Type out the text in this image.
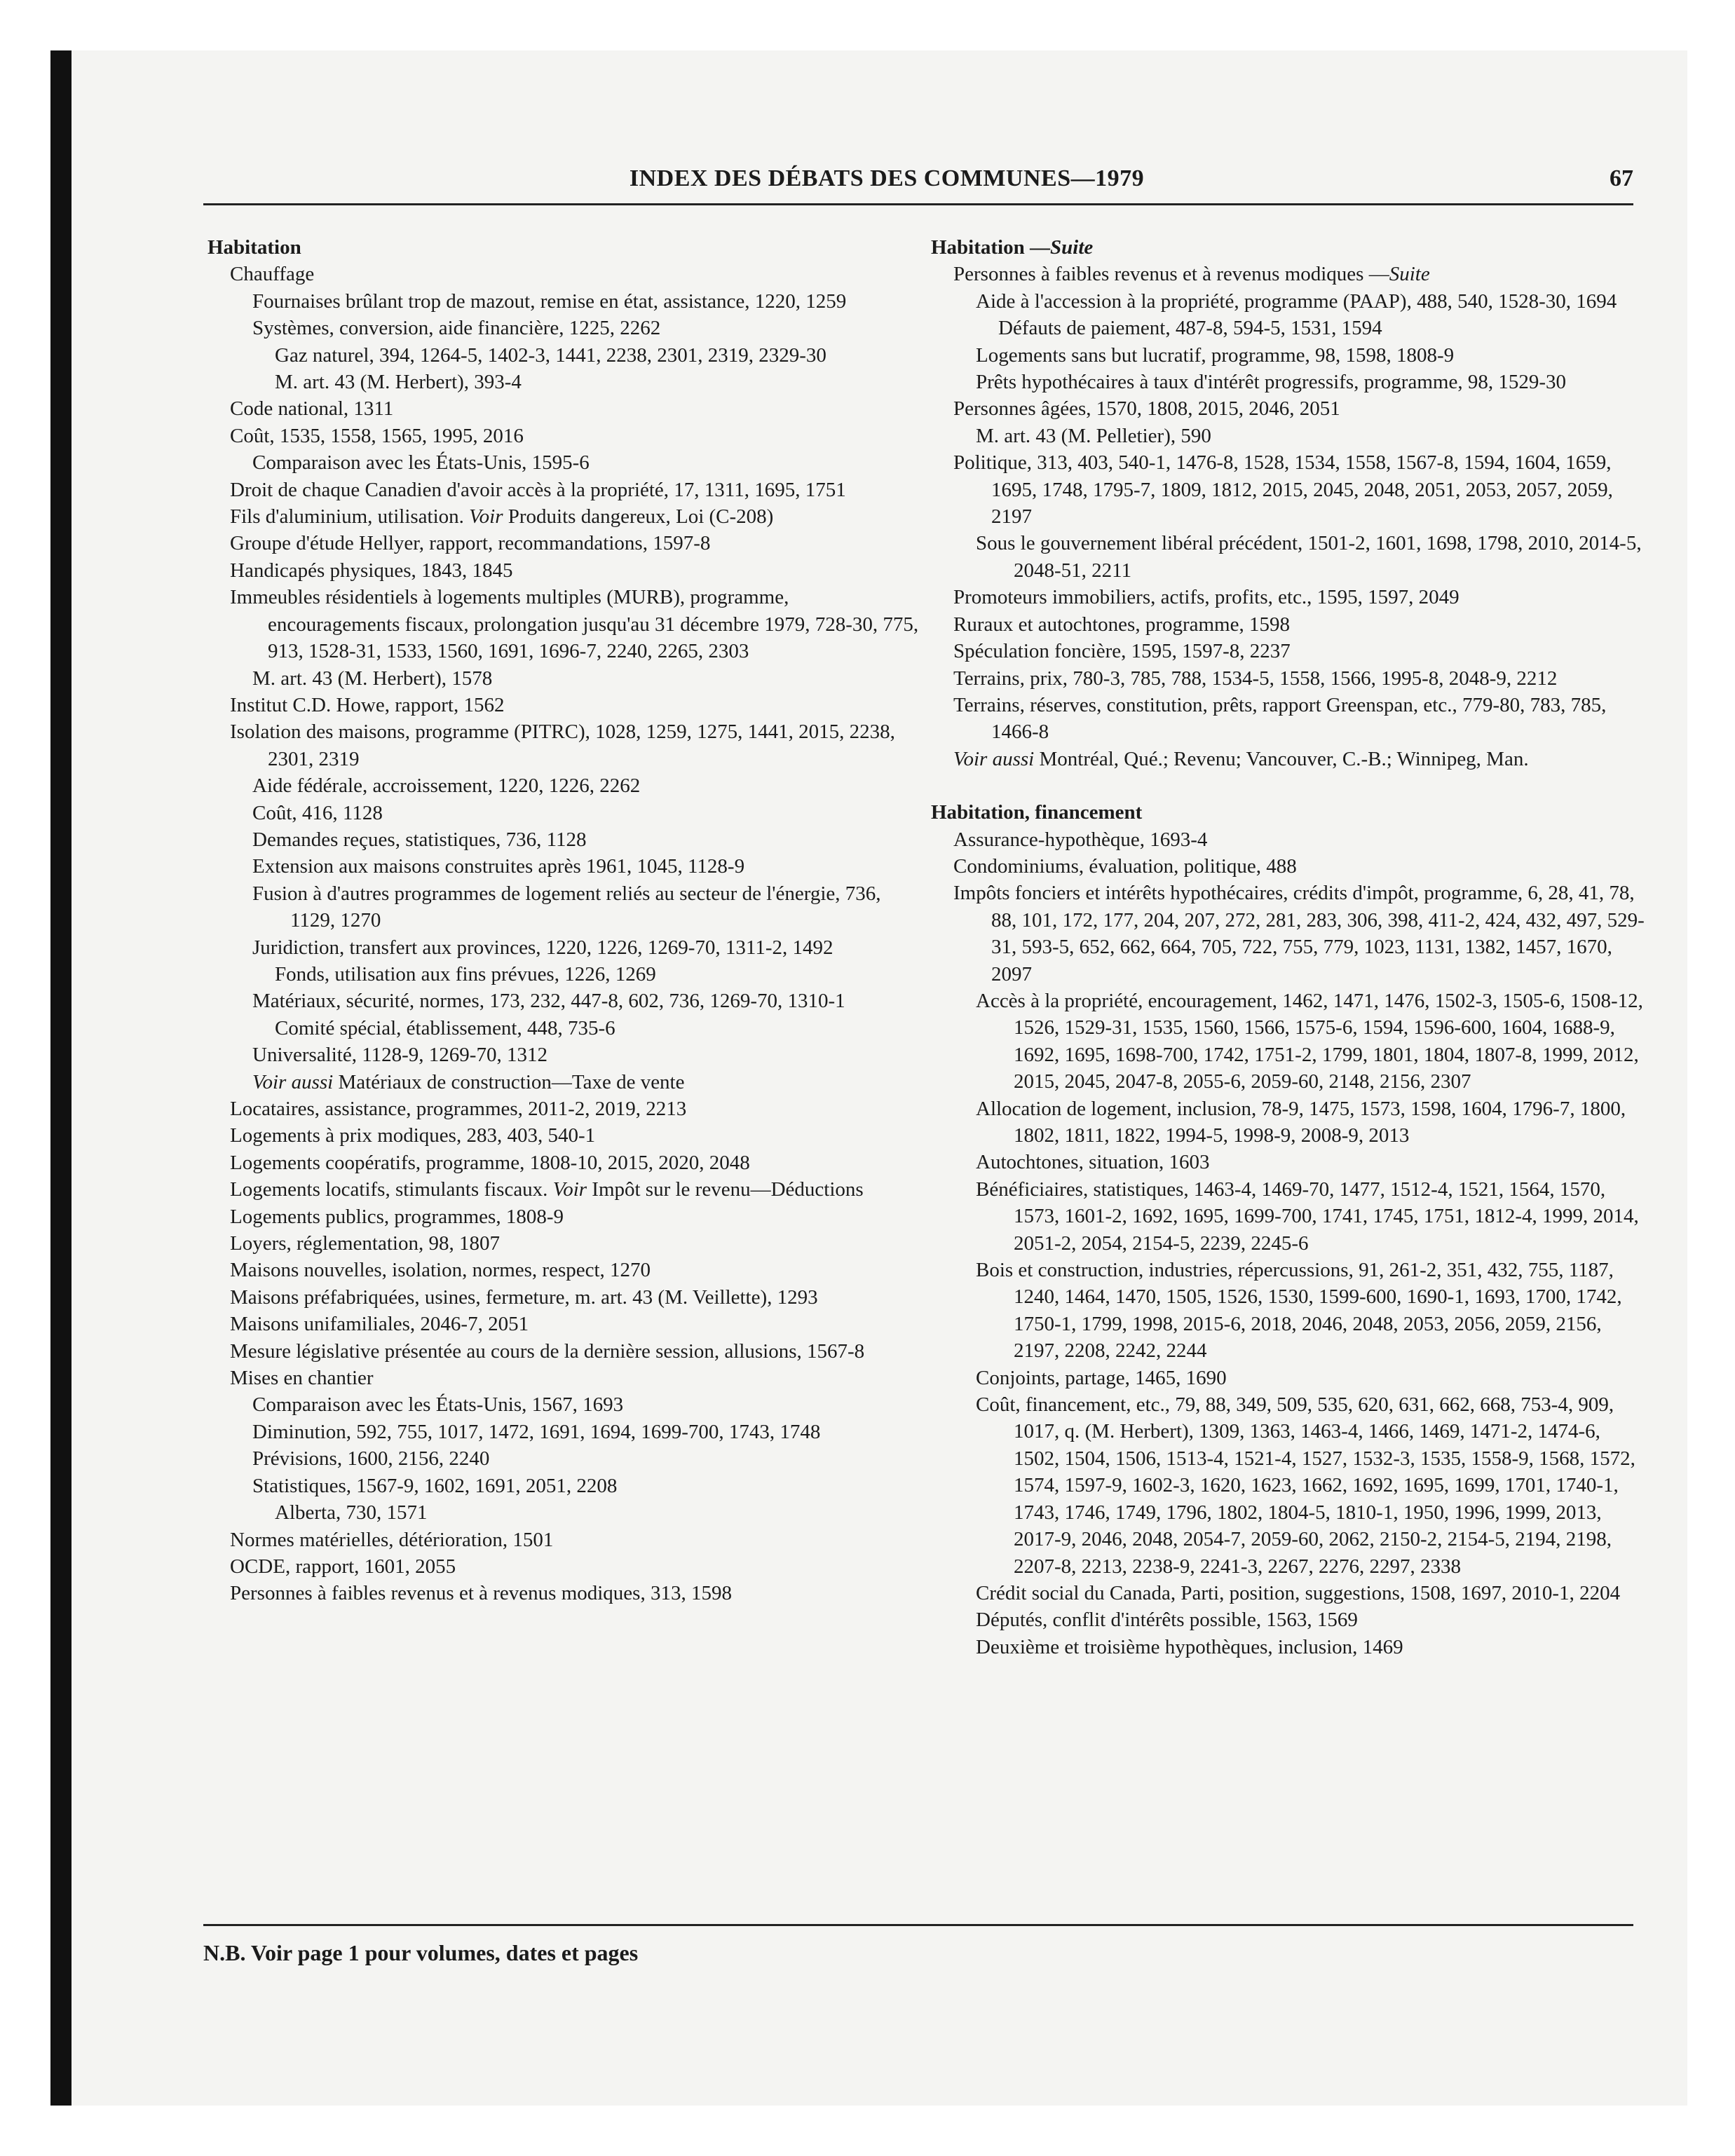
INDEX DES DÉBATS DES COMMUNES—1979	67
Habitation
Chauffage
Fournaises brûlant trop de mazout, remise en état, assistance, 1220, 1259
Systèmes, conversion, aide financière, 1225, 2262
Gaz naturel, 394, 1264-5, 1402-3, 1441, 2238, 2301, 2319, 2329-30
M. art. 43 (M. Herbert), 393-4
Code national, 1311
Coût, 1535, 1558, 1565, 1995, 2016
Comparaison avec les États-Unis, 1595-6
Droit de chaque Canadien d'avoir accès à la propriété, 17, 1311, 1695, 1751
Fils d'aluminium, utilisation. Voir Produits dangereux, Loi (C-208)
Groupe d'étude Hellyer, rapport, recommandations, 1597-8
Handicapés physiques, 1843, 1845
Immeubles résidentiels à logements multiples (MURB), programme, encouragements fiscaux, prolongation jusqu'au 31 décembre 1979, 728-30, 775, 913, 1528-31, 1533, 1560, 1691, 1696-7, 2240, 2265, 2303
M. art. 43 (M. Herbert), 1578
Institut C.D. Howe, rapport, 1562
Isolation des maisons, programme (PITRC), 1028, 1259, 1275, 1441, 2015, 2238, 2301, 2319
Aide fédérale, accroissement, 1220, 1226, 2262
Coût, 416, 1128
Demandes reçues, statistiques, 736, 1128
Extension aux maisons construites après 1961, 1045, 1128-9
Fusion à d'autres programmes de logement reliés au secteur de l'énergie, 736, 1129, 1270
Juridiction, transfert aux provinces, 1220, 1226, 1269-70, 1311-2, 1492
Fonds, utilisation aux fins prévues, 1226, 1269
Matériaux, sécurité, normes, 173, 232, 447-8, 602, 736, 1269-70, 1310-1
Comité spécial, établissement, 448, 735-6
Universalité, 1128-9, 1269-70, 1312
Voir aussi Matériaux de construction—Taxe de vente
Locataires, assistance, programmes, 2011-2, 2019, 2213
Logements à prix modiques, 283, 403, 540-1
Logements coopératifs, programme, 1808-10, 2015, 2020, 2048
Logements locatifs, stimulants fiscaux. Voir Impôt sur le revenu—Déductions
Logements publics, programmes, 1808-9
Loyers, réglementation, 98, 1807
Maisons nouvelles, isolation, normes, respect, 1270
Maisons préfabriquées, usines, fermeture, m. art. 43 (M. Veillette), 1293
Maisons unifamiliales, 2046-7, 2051
Mesure législative présentée au cours de la dernière session, allusions, 1567-8
Mises en chantier
Comparaison avec les États-Unis, 1567, 1693
Diminution, 592, 755, 1017, 1472, 1691, 1694, 1699-700, 1743, 1748
Prévisions, 1600, 2156, 2240
Statistiques, 1567-9, 1602, 1691, 2051, 2208
Alberta, 730, 1571
Normes matérielles, détérioration, 1501
OCDE, rapport, 1601, 2055
Personnes à faibles revenus et à revenus modiques, 313, 1598
Habitation —Suite
Personnes à faibles revenus et à revenus modiques —Suite
Aide à l'accession à la propriété, programme (PAAP), 488, 540, 1528-30, 1694
Défauts de paiement, 487-8, 594-5, 1531, 1594
Logements sans but lucratif, programme, 98, 1598, 1808-9
Prêts hypothécaires à taux d'intérêt progressifs, programme, 98, 1529-30
Personnes âgées, 1570, 1808, 2015, 2046, 2051
M. art. 43 (M. Pelletier), 590
Politique, 313, 403, 540-1, 1476-8, 1528, 1534, 1558, 1567-8, 1594, 1604, 1659, 1695, 1748, 1795-7, 1809, 1812, 2015, 2045, 2048, 2051, 2053, 2057, 2059, 2197
Sous le gouvernement libéral précédent, 1501-2, 1601, 1698, 1798, 2010, 2014-5, 2048-51, 2211
Promoteurs immobiliers, actifs, profits, etc., 1595, 1597, 2049
Ruraux et autochtones, programme, 1598
Spéculation foncière, 1595, 1597-8, 2237
Terrains, prix, 780-3, 785, 788, 1534-5, 1558, 1566, 1995-8, 2048-9, 2212
Terrains, réserves, constitution, prêts, rapport Greenspan, etc., 779-80, 783, 785, 1466-8
Voir aussi Montréal, Qué.; Revenu; Vancouver, C.-B.; Winnipeg, Man.
Habitation, financement
Assurance-hypothèque, 1693-4
Condominiums, évaluation, politique, 488
Impôts fonciers et intérêts hypothécaires, crédits d'impôt, programme, 6, 28, 41, 78, 88, 101, 172, 177, 204, 207, 272, 281, 283, 306, 398, 411-2, 424, 432, 497, 529-31, 593-5, 652, 662, 664, 705, 722, 755, 779, 1023, 1131, 1382, 1457, 1670, 2097
Accès à la propriété, encouragement, 1462, 1471, 1476, 1502-3, 1505-6, 1508-12, 1526, 1529-31, 1535, 1560, 1566, 1575-6, 1594, 1596-600, 1604, 1688-9, 1692, 1695, 1698-700, 1742, 1751-2, 1799, 1801, 1804, 1807-8, 1999, 2012, 2015, 2045, 2047-8, 2055-6, 2059-60, 2148, 2156, 2307
Allocation de logement, inclusion, 78-9, 1475, 1573, 1598, 1604, 1796-7, 1800, 1802, 1811, 1822, 1994-5, 1998-9, 2008-9, 2013
Autochtones, situation, 1603
Bénéficiaires, statistiques, 1463-4, 1469-70, 1477, 1512-4, 1521, 1564, 1570, 1573, 1601-2, 1692, 1695, 1699-700, 1741, 1745, 1751, 1812-4, 1999, 2014, 2051-2, 2054, 2154-5, 2239, 2245-6
Bois et construction, industries, répercussions, 91, 261-2, 351, 432, 755, 1187, 1240, 1464, 1470, 1505, 1526, 1530, 1599-600, 1690-1, 1693, 1700, 1742, 1750-1, 1799, 1998, 2015-6, 2018, 2046, 2048, 2053, 2056, 2059, 2156, 2197, 2208, 2242, 2244
Conjoints, partage, 1465, 1690
Coût, financement, etc., 79, 88, 349, 509, 535, 620, 631, 662, 668, 753-4, 909, 1017, q. (M. Herbert), 1309, 1363, 1463-4, 1466, 1469, 1471-2, 1474-6, 1502, 1504, 1506, 1513-4, 1521-4, 1527, 1532-3, 1535, 1558-9, 1568, 1572, 1574, 1597-9, 1602-3, 1620, 1623, 1662, 1692, 1695, 1699, 1701, 1740-1, 1743, 1746, 1749, 1796, 1802, 1804-5, 1810-1, 1950, 1996, 1999, 2013, 2017-9, 2046, 2048, 2054-7, 2059-60, 2062, 2150-2, 2154-5, 2194, 2198, 2207-8, 2213, 2238-9, 2241-3, 2267, 2276, 2297, 2338
Crédit social du Canada, Parti, position, suggestions, 1508, 1697, 2010-1, 2204
Députés, conflit d'intérêts possible, 1563, 1569
Deuxième et troisième hypothèques, inclusion, 1469
N.B. Voir page 1 pour volumes, dates et pages
